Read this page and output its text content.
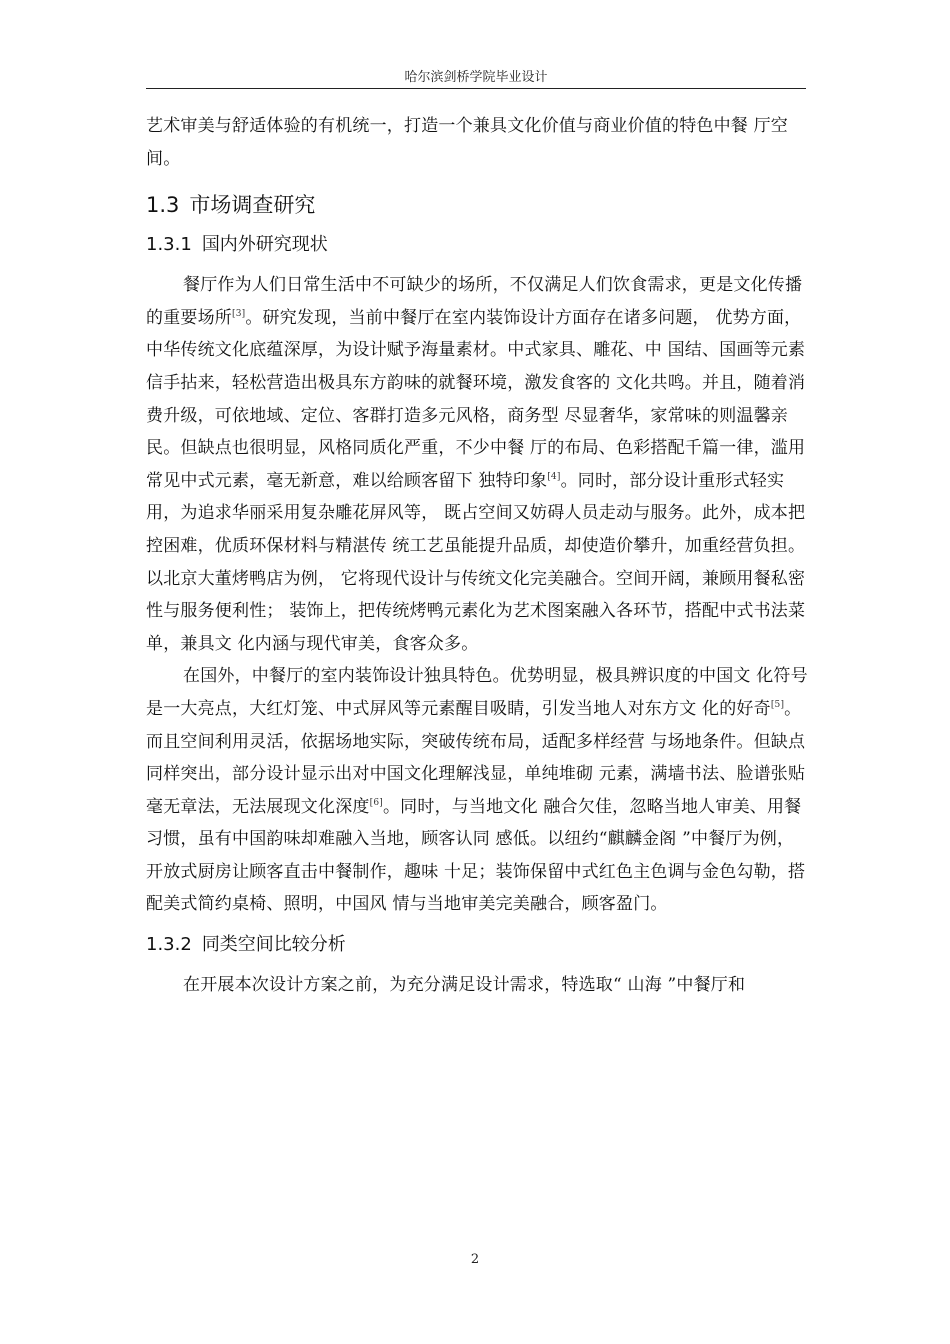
哈尔滨剑桥学院毕业设计

艺术审美与舒适体验的有机统一，打造一个兼具文化价值与商业价值的特色中餐 厅空间。

1.3 市场调查研究
1.3.1 国内外研究现状

餐厅作为人们日常生活中不可缺少的场所，不仅满足人们饮食需求，更是文化传播的重要场所[3]。研究发现，当前中餐厅在室内装饰设计方面存在诸多问题， 优势方面，中华传统文化底蕴深厚，为设计赋予海量素材。中式家具、雕花、中 国结、国画等元素信手拈来，轻松营造出极具东方韵味的就餐环境，激发食客的 文化共鸣。并且，随着消费升级，可依地域、定位、客群打造多元风格，商务型 尽显奢华，家常味的则温馨亲民。但缺点也很明显，风格同质化严重，不少中餐 厅的布局、色彩搭配千篇一律，滥用常见中式元素，毫无新意，难以给顾客留下 独特印象[4]。同时，部分设计重形式轻实用，为追求华丽采用复杂雕花屏风等， 既占空间又妨碍人员走动与服务。此外，成本把控困难，优质环保材料与精湛传 统工艺虽能提升品质，却使造价攀升，加重经营负担。以北京大董烤鸭店为例， 它将现代设计与传统文化完美融合。空间开阔，兼顾用餐私密性与服务便利性； 装饰上，把传统烤鸭元素化为艺术图案融入各环节，搭配中式书法菜单，兼具文 化内涵与现代审美，食客众多。

在国外，中餐厅的室内装饰设计独具特色。优势明显，极具辨识度的中国文 化符号是一大亮点，大红灯笼、中式屏风等元素醒目吸睛，引发当地人对东方文 化的好奇[5]。而且空间利用灵活，依据场地实际，突破传统布局，适配多样经营 与场地条件。但缺点同样突出，部分设计显示出对中国文化理解浅显，单纯堆砌 元素，满墙书法、脸谱张贴毫无章法，无法展现文化深度[6]。同时，与当地文化 融合欠佳，忽略当地人审美、用餐习惯，虽有中国韵味却难融入当地，顾客认同 感低。以纽约“麒麟金阁 ”中餐厅为例，开放式厨房让顾客直击中餐制作，趣味 十足；装饰保留中式红色主色调与金色勾勒，搭配美式简约桌椅、照明，中国风 情与当地审美完美融合，顾客盈门。

1.3.2 同类空间比较分析

在开展本次设计方案之前，为充分满足设计需求，特选取“ 山海 ”中餐厅和

2
